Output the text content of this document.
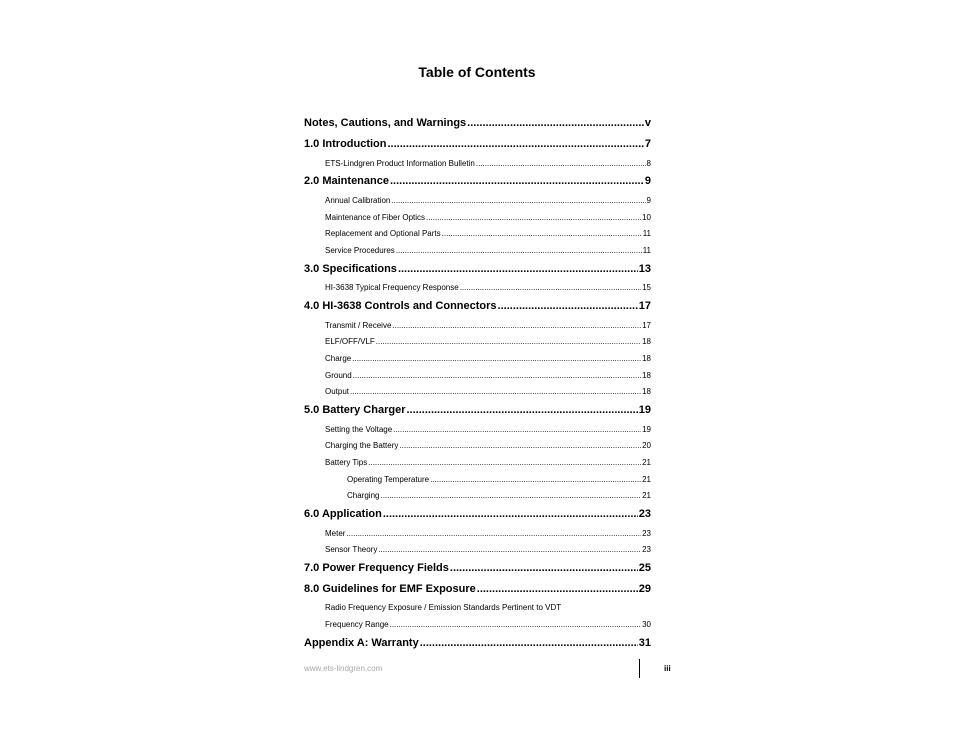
Table of Contents
Notes, Cautions, and Warnings .....	v
1.0 Introduction .....	7
ETS-Lindgren Product Information Bulletin .....	8
2.0 Maintenance .....	9
Annual Calibration .....	9
Maintenance of Fiber Optics .....	10
Replacement and Optional Parts .....	11
Service Procedures .....	11
3.0 Specifications .....	13
HI-3638 Typical Frequency Response .....	15
4.0 HI-3638 Controls and Connectors .....	17
Transmit / Receive .....	17
ELF/OFF/VLF .....	18
Charge .....	18
Ground .....	18
Output .....	18
5.0 Battery Charger .....	19
Setting the Voltage .....	19
Charging the Battery .....	20
Battery Tips .....	21
Operating Temperature .....	21
Charging .....	21
6.0 Application .....	23
Meter .....	23
Sensor Theory .....	23
7.0 Power Frequency Fields .....	25
8.0 Guidelines for EMF Exposure .....	29
Radio Frequency Exposure / Emission Standards Pertinent to VDT
Frequency Range .....	30
Appendix A: Warranty .....	31
www.ets-lindgren.com	iii
